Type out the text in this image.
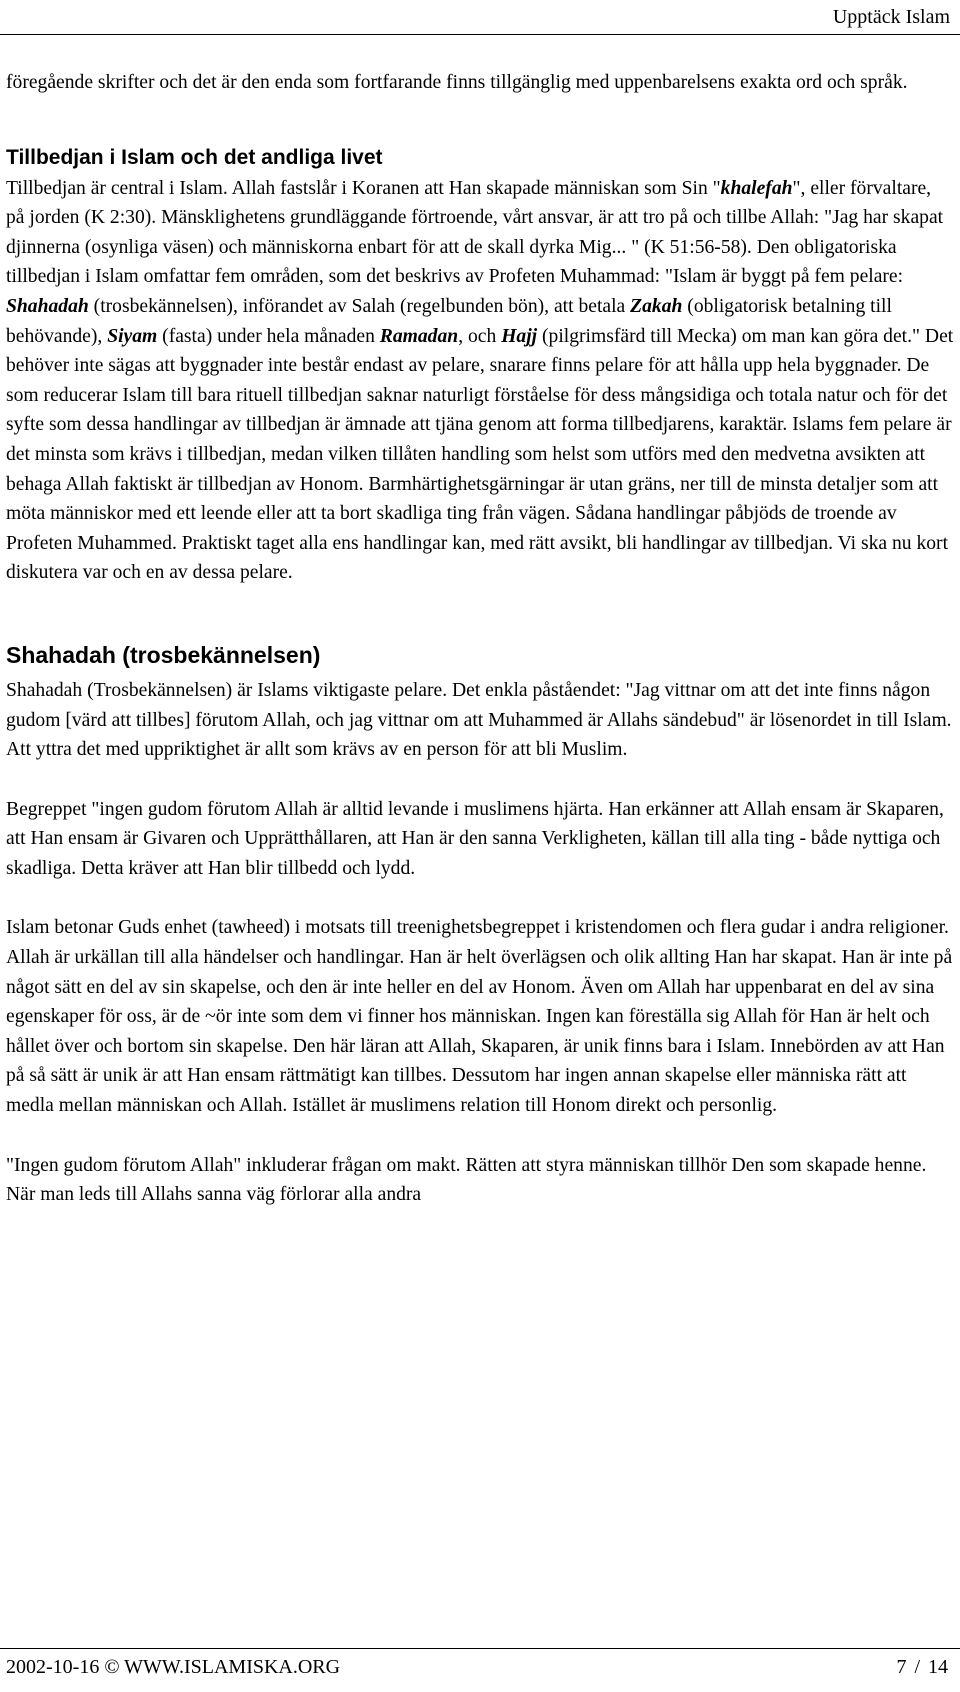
Upptäck Islam

föregående skrifter och det är den enda som fortfarande finns tillgänglig med uppenbarelsens exakta ord och språk.

Tillbedjan i Islam och det andliga livet

Tillbedjan är central i Islam. Allah fastslår i Koranen att Han skapade människan som Sin "khalefah", eller förvaltare, på jorden (K 2:30). Mänsklighetens grundläggande förtroende, vårt ansvar, är att tro på och tillbe Allah: "Jag har skapat djinnerna (osynliga väsen) och människorna enbart för att de skall dyrka Mig... " (K 51:56-58). Den obligatoriska tillbedjan i Islam omfattar fem områden, som det beskrivs av Profeten Muhammad: "Islam är byggt på fem pelare: Shahadah (trosbekännelsen), införandet av Salah (regelbunden bön), att betala Zakah (obligatorisk betalning till behövande), Siyam (fasta) under hela månaden Ramadan, och Hajj (pilgrimsfärd till Mecka) om man kan göra det." Det behöver inte sägas att byggnader inte består endast av pelare, snarare finns pelare för att hålla upp hela byggnader. De som reducerar Islam till bara rituell tillbedjan saknar naturligt förståelse för dess mångsidiga och totala natur och för det syfte som dessa handlingar av tillbedjan är ämnade att tjäna genom att forma tillbedjarens, karaktär. Islams fem pelare är det minsta som krävs i tillbedjan, medan vilken tillåten handling som helst som utförs med den medvetna avsikten att behaga Allah faktiskt är tillbedjan av Honom. Barmhärtighetsgärningar är utan gräns, ner till de minsta detaljer som att möta människor med ett leende eller att ta bort skadliga ting från vägen. Sådana handlingar påbjöds de troende av Profeten Muhammed. Praktiskt taget alla ens handlingar kan, med rätt avsikt, bli handlingar av tillbedjan. Vi ska nu kort diskutera var och en av dessa pelare.

Shahadah (trosbekännelsen)

Shahadah (Trosbekännelsen) är Islams viktigaste pelare. Det enkla påståendet: "Jag vittnar om att det inte finns någon gudom [värd att tillbes] förutom Allah, och jag vittnar om att Muhammed är Allahs sändebud" är lösenordet in till Islam. Att yttra det med uppriktighet är allt som krävs av en person för att bli Muslim.

Begreppet "ingen gudom förutom Allah är alltid levande i muslimens hjärta. Han erkänner att Allah ensam är Skaparen, att Han ensam är Givaren och Upprätthållaren, att Han är den sanna Verkligheten, källan till alla ting - både nyttiga och skadliga. Detta kräver att Han blir tillbedd och lydd.

Islam betonar Guds enhet (tawheed) i motsats till treenighetsbegreppet i kristendomen och flera gudar i andra religioner. Allah är urkällan till alla händelser och handlingar. Han är helt överlägsen och olik allting Han har skapat. Han är inte på något sätt en del av sin skapelse, och den är inte heller en del av Honom. Även om Allah har uppenbarat en del av sina egenskaper för oss, är de ~ör inte som dem vi finner hos människan. Ingen kan föreställa sig Allah för Han är helt och hållet över och bortom sin skapelse. Den här läran att Allah, Skaparen, är unik finns bara i Islam. Innebörden av att Han på så sätt är unik är att Han ensam rättmätigt kan tillbes. Dessutom har ingen annan skapelse eller människa rätt att medla mellan människan och Allah. Istället är muslimens relation till Honom direkt och personlig.

"Ingen gudom förutom Allah" inkluderar frågan om makt. Rätten att styra människan tillhör Den som skapade henne. När man leds till Allahs sanna väg förlorar alla andra

2002-10-16 © WWW.ISLAMISKA.ORG	7 / 14
